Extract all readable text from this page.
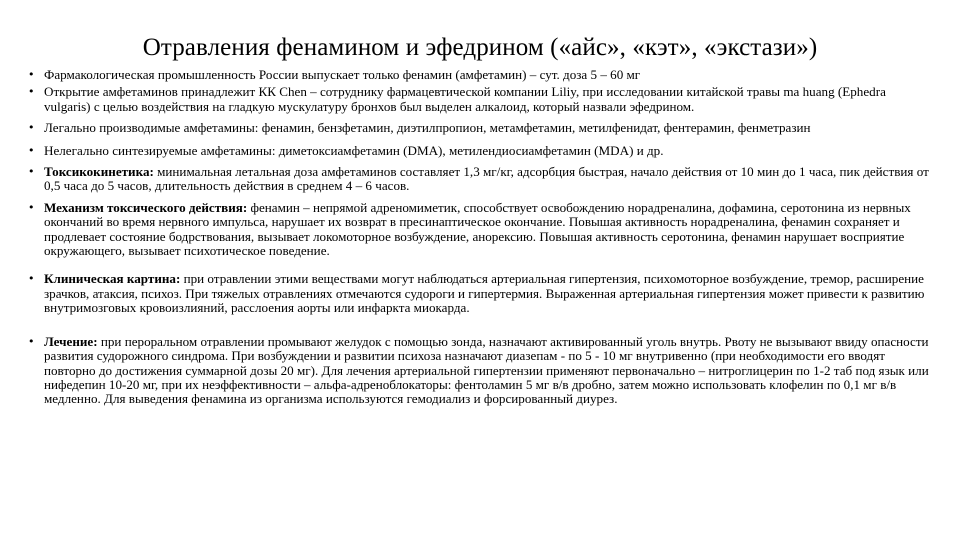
Отравления фенамином и эфедрином («айс», «кэт», «экстази»)
• Фармакологическая промышленность России выпускает только фенамин (амфетамин) – сут. доза 5 – 60 мг
• Открытие амфетаминов принадлежит КК Chen – сотруднику фармацевтической компании Liliy, при исследовании китайской травы ma huang (Ephedra vulgaris) с целью воздействия на гладкую мускулатуру бронхов был выделен алкалоид, который назвали эфедрином.
• Легально производимые амфетамины: фенамин, бензфетамин, диэтилпропион, метамфетамин, метилфенидат, фентерамин, фенметразин
• Нелегально синтезируемые амфетамины: диметоксиамфетамин (DMA), метилендиосиамфетамин (MDA) и др.
• Токсикокинетика: минимальная летальная доза амфетаминов составляет 1,3 мг/кг, адсорбция быстрая, начало действия от 10 мин до 1 часа, пик действия от 0,5 часа до 5 часов, длительность действия в среднем 4 – 6 часов.
• Механизм токсического действия: фенамин – непрямой адреномиметик, способствует освобождению норадреналина, дофамина, серотонина из нервных окончаний во время нервного импульса, нарушает их возврат в пресинаптическое окончание. Повышая активность норадреналина, фенамин сохраняет и продлевает состояние бодрствования, вызывает локомоторное возбуждение, анорексию. Повышая активность серотонина, фенамин нарушает восприятие окружающего, вызывает психотическое поведение.
• Клиническая картина: при отравлении этими веществами могут наблюдаться артериальная гипертензия, психомоторное возбуждение, тремор, расширение зрачков, атаксия, психоз. При тяжелых отравлениях отмечаются судороги и гипертермия. Выраженная артериальная гипертензия может привести к развитию внутримозговых кровоизлияний, расслоения аорты или инфаркта миокарда.
• Лечение: при пероральном отравлении промывают желудок с помощью зонда, назначают активированный уголь внутрь. Рвоту не вызывают ввиду опасности развития судорожного синдрома. При возбуждении и развитии психоза назначают диазепам - по 5 - 10 мг внутривенно (при необходимости его вводят повторно до достижения суммарной дозы 20 мг). Для лечения артериальной гипертензии применяют первоначально – нитроглицерин по 1-2 таб под язык или нифедепин 10-20 мг, при их неэффективности – альфа-адреноблокаторы: фентоламин 5 мг в/в дробно, затем можно использовать клофелин по 0,1 мг в/в медленно. Для выведения фенамина из организма используются гемодиализ и форсированный диурез.
